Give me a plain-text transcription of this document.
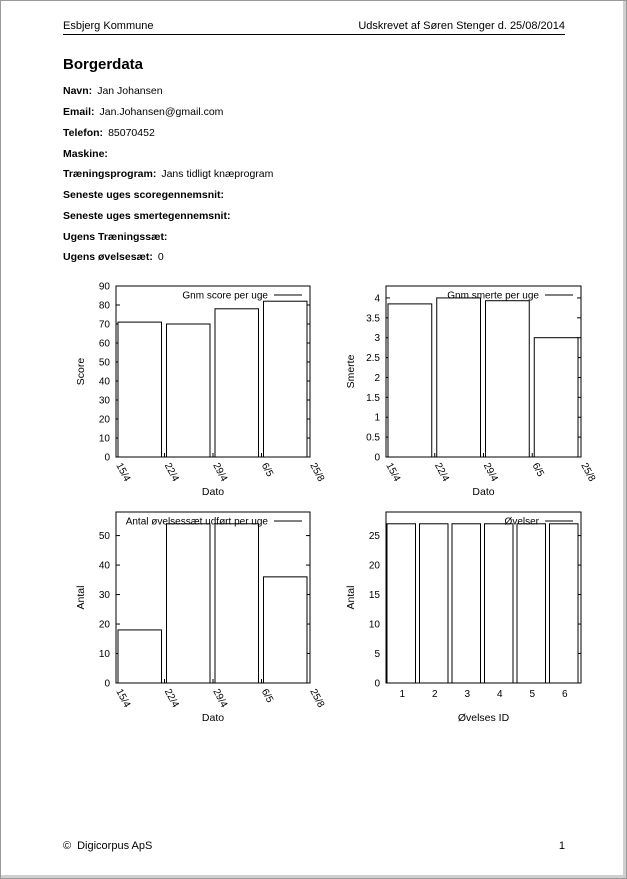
Esbjerg Kommune	Udskrevet af Søren Stenger d. 25/08/2014
Borgerdata
Navn: Jan Johansen
Email: Jan.Johansen@gmail.com
Telefon: 85070452
Maskine:
Træningsprogram: Jans tidligt knæprogram
Seneste uges scoregennemsnit:
Seneste uges smertegennemsnit:
Ugens Træningssæt:
Ugens øvelsesæt: 0
0
10
20
30
40
50
60
70
80
90
15/4	22/4	29/4	6/5	25/8
Gnm score per uge
Dato
Score
0
0.5
1
1.5
2
2.5
3
3.5
4
15/4	22/4	29/4	6/5	25/8
Gnm smerte per uge
Dato
Smerte
0
10
20
30
40
50
15/4	22/4	29/4	6/5	25/8
Antal øvelsessæt udført per uge
Dato
Antal
0
5
10
15
20
25
1	2	3	4	5	6
Øvelser
Øvelses ID
Antal
© Digicorpus ApS	1
